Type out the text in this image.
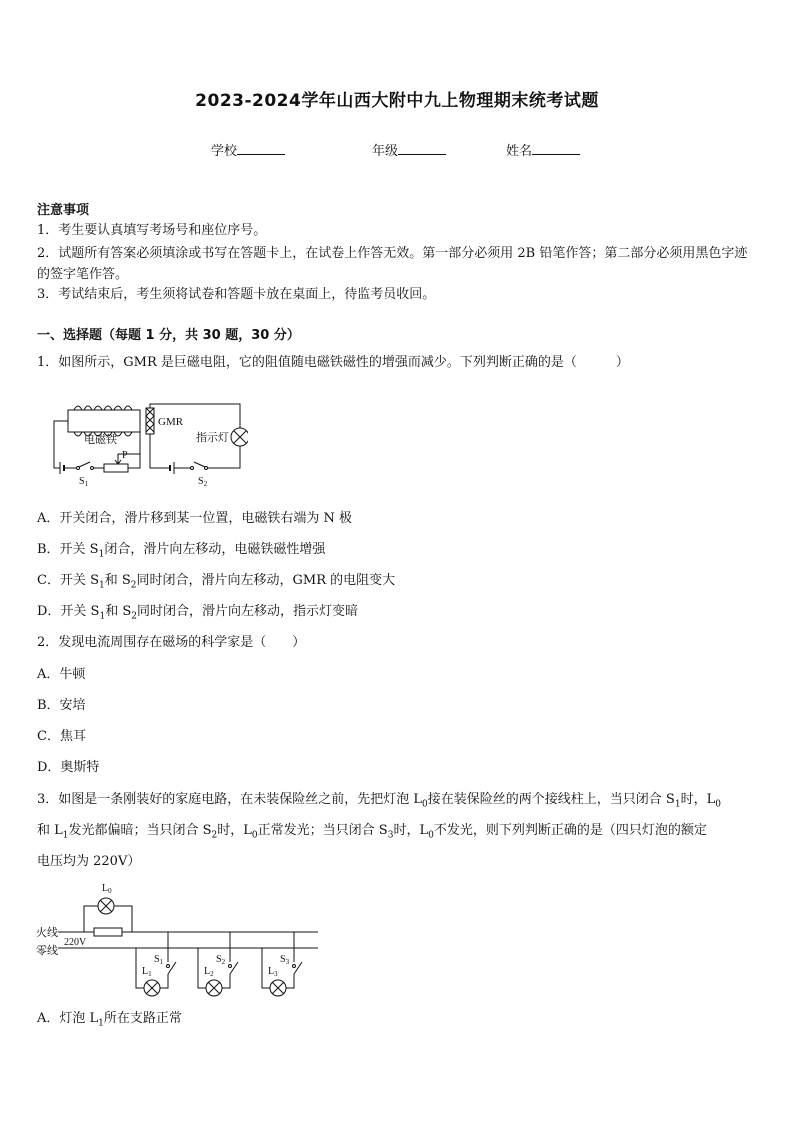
2023-2024学年山西大附中九上物理期末统考试题
学校	年级	姓名
注意事项
1．考生要认真填写考场号和座位序号。
2．试题所有答案必须填涂或书写在答题卡上，在试卷上作答无效。第一部分必须用 2B 铅笔作答；第二部分必须用黑色字迹的签字笔作答。
3．考试结束后，考生须将试卷和答题卡放在桌面上，待监考员收回。
一、选择题（每题 1 分，共 30 题，30 分）
1．如图所示，GMR 是巨磁电阻，它的阻值随电磁铁磁性的增强而减少。下列判断正确的是（　　　）
GMR
电磁铁	指示灯
P
$S_1$	$S_2$
A．开关闭合，滑片移到某一位置，电磁铁右端为 N 极
B．开关 $S_1$闭合，滑片向左移动，电磁铁磁性增强
C．开关 $S_1$和 $S_2$同时闭合，滑片向左移动，GMR 的电阻变大
D．开关 $S_1$和 $S_2$同时闭合，滑片向左移动，指示灯变暗
2．发现电流周围存在磁场的科学家是（　　）
A．牛顿
B．安培
C．焦耳
D．奥斯特
3．如图是一条刚装好的家庭电路，在未装保险丝之前，先把灯泡 $L_0$接在装保险丝的两个接线柱上，当只闭合 $S_1$时，$L_0$
和 $L_1$发光都偏暗；当只闭合 $S_2$时，$L_0$正常发光；当只闭合 $S_3$时，$L_0$不发光，则下列判断正确的是（四只灯泡的额定
电压均为 220V）
火线
零线
220V
$L_0$
$L_1$	$L_2$	$L_3$
$S_1$	$S_2$	$S_3$
A．灯泡 $L_1$所在支路正常
